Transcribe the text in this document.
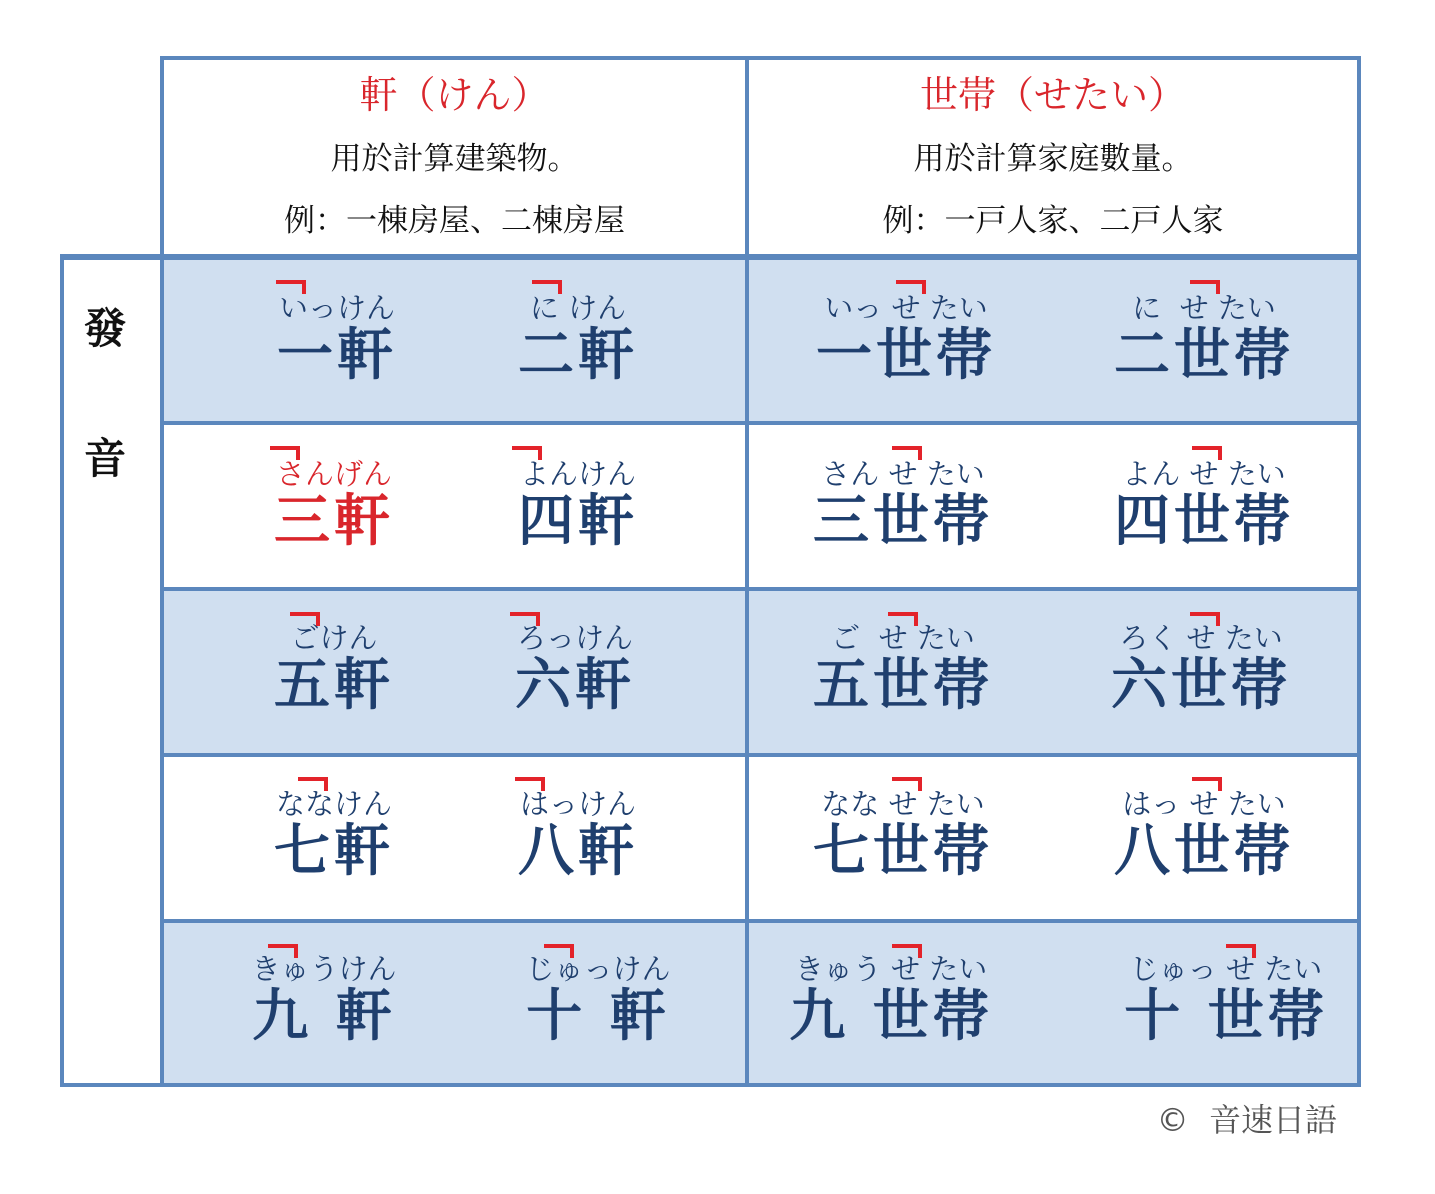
軒（けん）
用於計算建築物。
例：一棟房屋、二棟房屋
世帯（せたい）
用於計算家庭數量。
例：一戸人家、二戸人家
發
音
いっけん
一軒
に けん
二軒
いっ せ たい
一世帯
に  せ たい
二世帯
さんげん
三軒
よんけん
四軒
さん せ たい
三世帯
よん せ たい
四世帯
ごけん
五軒
ろっけん
六軒
ご  せ たい
五世帯
ろく せ たい
六世帯
ななけん
七軒
はっけん
八軒
なな せ たい
七世帯
はっ せ たい
八世帯
きゅうけん
九 軒
じゅっけん
十 軒
きゅう せ たい
九 世帯
じゅっ せ たい
十 世帯
©  音速日語
